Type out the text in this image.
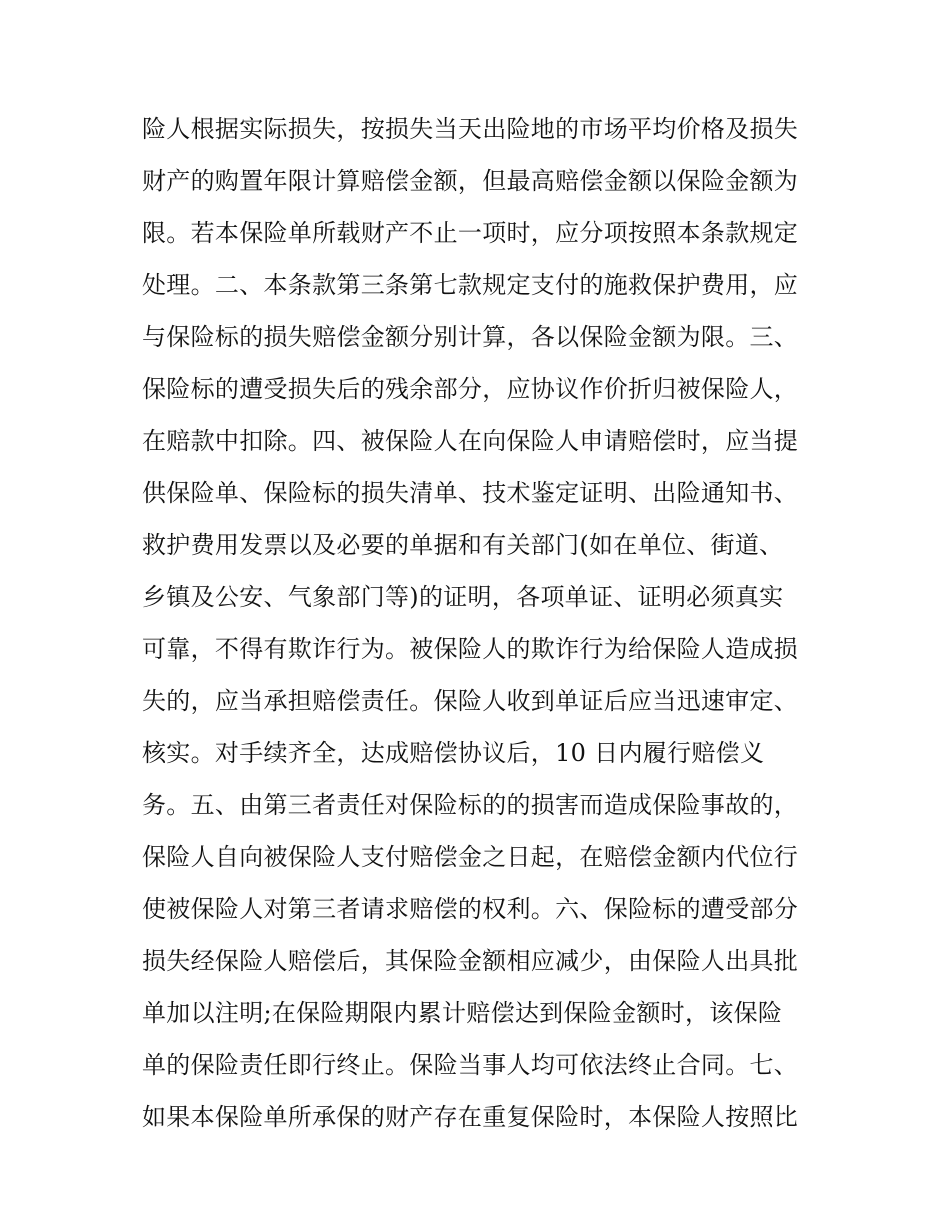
险人根据实际损失，按损失当天出险地的市场平均价格及损失
财产的购置年限计算赔偿金额，但最高赔偿金额以保险金额为
限。若本保险单所载财产不止一项时，应分项按照本条款规定
处理。二、本条款第三条第七款规定支付的施救保护费用，应
与保险标的损失赔偿金额分别计算，各以保险金额为限。三、
保险标的遭受损失后的残余部分，应协议作价折归被保险人，
在赔款中扣除。四、被保险人在向保险人申请赔偿时，应当提
供保险单、保险标的损失清单、技术鉴定证明、出险通知书、
救护费用发票以及必要的单据和有关部门(如在单位、街道、
乡镇及公安、气象部门等)的证明，各项单证、证明必须真实
可靠，不得有欺诈行为。被保险人的欺诈行为给保险人造成损
失的，应当承担赔偿责任。保险人收到单证后应当迅速审定、
核实。对手续齐全，达成赔偿协议后，10 日内履行赔偿义
务。五、由第三者责任对保险标的的损害而造成保险事故的，
保险人自向被保险人支付赔偿金之日起，在赔偿金额内代位行
使被保险人对第三者请求赔偿的权利。六、保险标的遭受部分
损失经保险人赔偿后，其保险金额相应减少，由保险人出具批
单加以注明;在保险期限内累计赔偿达到保险金额时，该保险
单的保险责任即行终止。保险当事人均可依法终止合同。七、
如果本保险单所承保的财产存在重复保险时，本保险人按照比
